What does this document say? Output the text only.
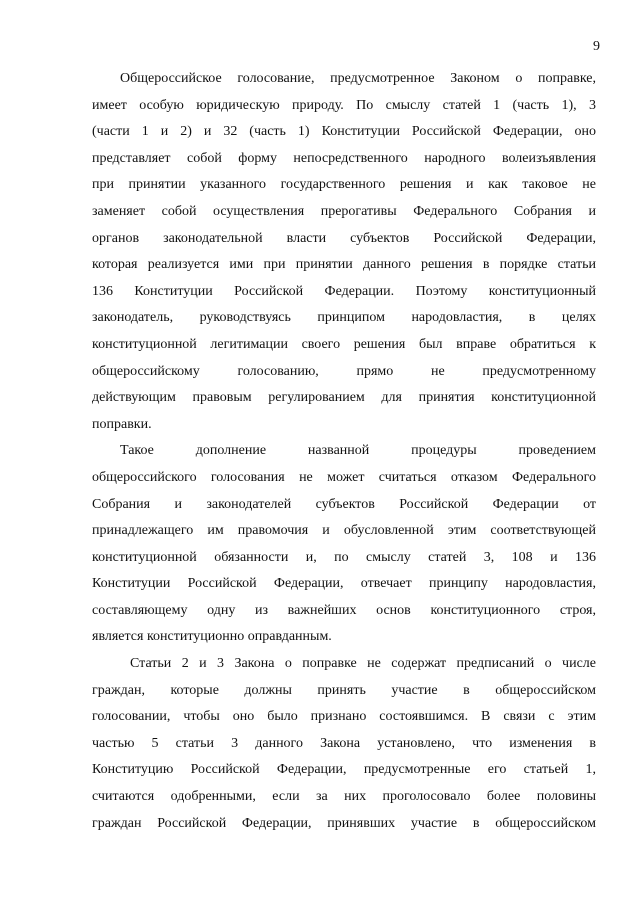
9
Общероссийское голосование, предусмотренное Законом о поправке,
имеет особую юридическую природу. По смыслу статей 1 (часть 1), 3
(части 1 и 2) и 32 (часть 1) Конституции Российской Федерации, оно
представляет собой форму непосредственного народного волеизъявления
при принятии указанного государственного решения и как таковое не
заменяет собой осуществления прерогативы Федерального Собрания и
органов законодательной власти субъектов Российской Федерации,
которая реализуется ими при принятии данного решения в порядке статьи
136 Конституции Российской Федерации. Поэтому конституционный
законодатель, руководствуясь принципом народовластия, в целях
конституционной легитимации своего решения был вправе обратиться к
общероссийскому голосованию, прямо не предусмотренному
действующим правовым регулированием для принятия конституционной
поправки.
Такое дополнение названной процедуры проведением
общероссийского голосования не может считаться отказом Федерального
Собрания и законодателей субъектов Российской Федерации от
принадлежащего им правомочия и обусловленной этим соответствующей
конституционной обязанности и, по смыслу статей 3, 108 и 136
Конституции Российской Федерации, отвечает принципу народовластия,
составляющему одну из важнейших основ конституционного строя,
является конституционно оправданным.
Статьи 2 и 3 Закона о поправке не содержат предписаний о числе
граждан, которые должны принять участие в общероссийском
голосовании, чтобы оно было признано состоявшимся. В связи с этим
частью 5 статьи 3 данного Закона установлено, что изменения в
Конституцию Российской Федерации, предусмотренные его статьей 1,
считаются одобренными, если за них проголосовало более половины
граждан Российской Федерации, принявших участие в общероссийском
